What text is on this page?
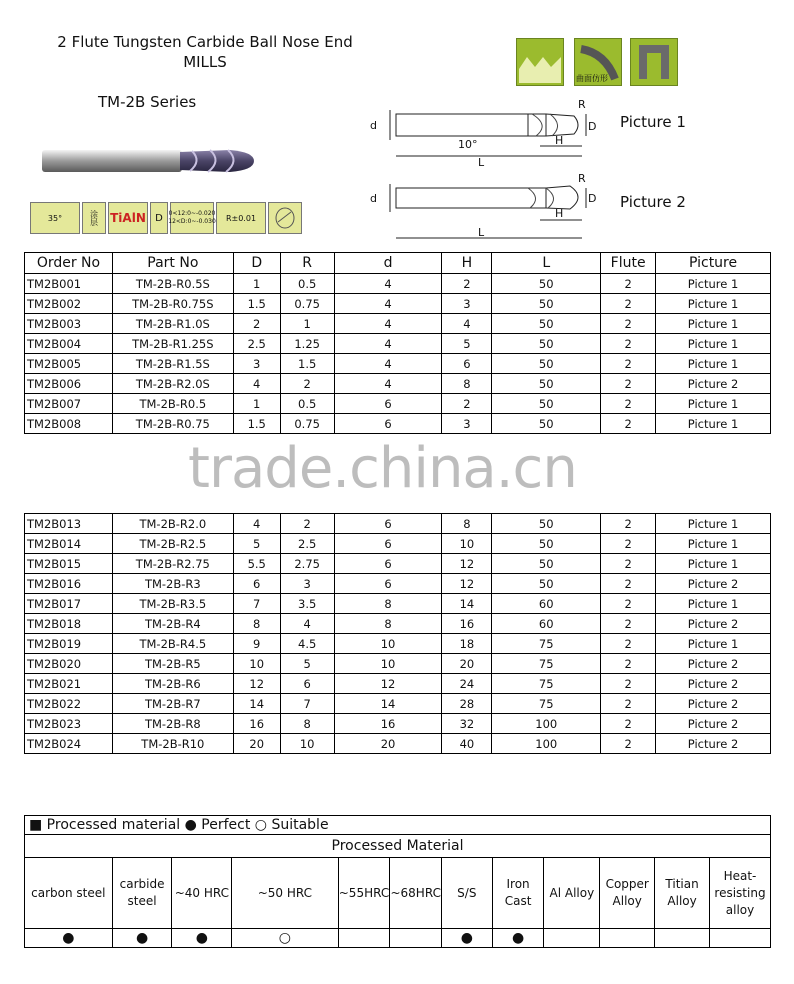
2 Flute Tungsten Carbide Ball Nose End
MILLS
TM-2B Series
35°	涂层 TiAlN D 0<12:0~-0.020 12<D:0~-0.030 R±0.01
曲面仿形
d
R
D
10°	H
L
d
R
D
H
L
Picture 1
Picture 2
Order No	Part No	D	R	d	H	L	Flute	Picture
TM2B001	TM-2B-R0.5S	1	0.5	4	2	50	2	Picture 1
TM2B002	TM-2B-R0.75S	1.5	0.75	4	3	50	2	Picture 1
TM2B003	TM-2B-R1.0S	2	1	4	4	50	2	Picture 1
TM2B004	TM-2B-R1.25S	2.5	1.25	4	5	50	2	Picture 1
TM2B005	TM-2B-R1.5S	3	1.5	4	6	50	2	Picture 1
TM2B006	TM-2B-R2.0S	4	2	4	8	50	2	Picture 2
TM2B007	TM-2B-R0.5	1	0.5	6	2	50	2	Picture 1
TM2B008	TM-2B-R0.75	1.5	0.75	6	3	50	2	Picture 1

TM2B013	TM-2B-R2.0	4	2	6	8	50	2	Picture 1
TM2B014	TM-2B-R2.5	5	2.5	6	10	50	2	Picture 1
TM2B015	TM-2B-R2.75	5.5	2.75	6	12	50	2	Picture 1
TM2B016	TM-2B-R3	6	3	6	12	50	2	Picture 2
TM2B017	TM-2B-R3.5	7	3.5	8	14	60	2	Picture 1
TM2B018	TM-2B-R4	8	4	8	16	60	2	Picture 2
TM2B019	TM-2B-R4.5	9	4.5	10	18	75	2	Picture 1
TM2B020	TM-2B-R5	10	5	10	20	75	2	Picture 2
TM2B021	TM-2B-R6	12	6	12	24	75	2	Picture 2
TM2B022	TM-2B-R7	14	7	14	28	75	2	Picture 2
TM2B023	TM-2B-R8	16	8	16	32	100	2	Picture 2
TM2B024	TM-2B-R10	20	10	20	40	100	2	Picture 2
trade.china.cn
■ Processed material ● Perfect ○ Suitable											
Processed Material											
carbon steel	carbide steel	~40 HRC	~50 HRC	~55HRC	~68HRC	S/S	Iron Cast	Al Alloy	Copper Alloy	Titian Alloy	Heat-resisting alloy
●	●	●	○			●	●				
